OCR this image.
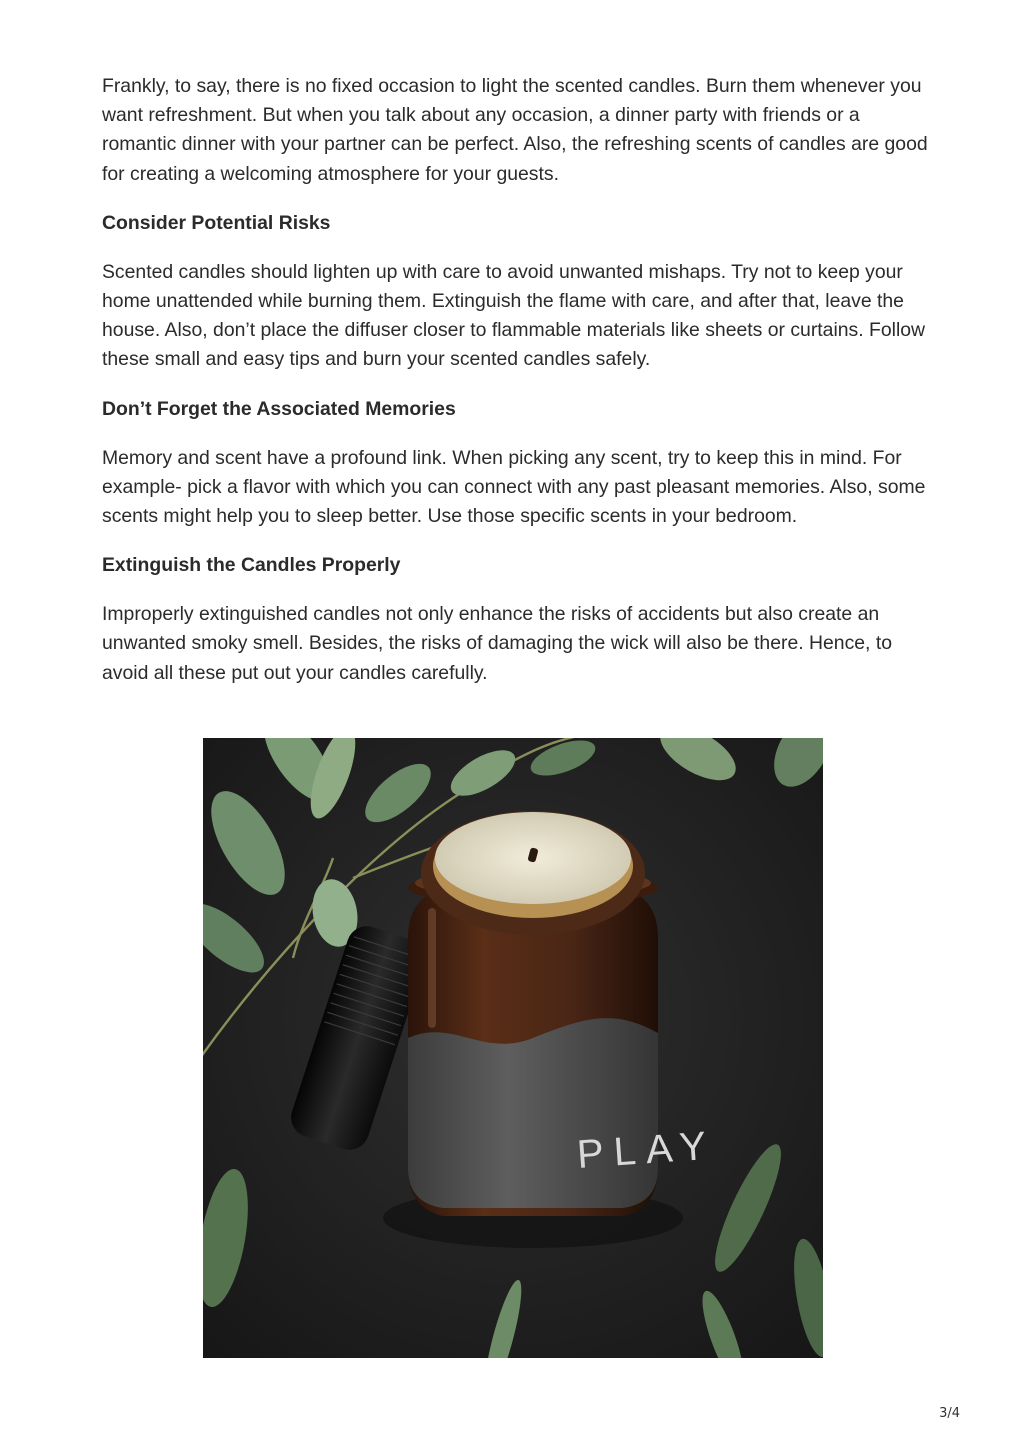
Frankly, to say, there is no fixed occasion to light the scented candles. Burn them whenever you want refreshment. But when you talk about any occasion, a dinner party with friends or a romantic dinner with your partner can be perfect. Also, the refreshing scents of candles are good for creating a welcoming atmosphere for your guests.

Consider Potential Risks

Scented candles should lighten up with care to avoid unwanted mishaps. Try not to keep your home unattended while burning them. Extinguish the flame with care, and after that, leave the house. Also, don’t place the diffuser closer to flammable materials like sheets or curtains. Follow these small and easy tips and burn your scented candles safely.

Don’t Forget the Associated Memories

Memory and scent have a profound link. When picking any scent, try to keep this in mind. For example- pick a flavor with which you can connect with any past pleasant memories. Also, some scents might help you to sleep better. Use those specific scents in your bedroom.

Extinguish the Candles Properly

Improperly extinguished candles not only enhance the risks of accidents but also create an unwanted smoky smell. Besides, the risks of damaging the wick will also be there. Hence, to avoid all these put out your candles carefully.

PLAY
3/4
